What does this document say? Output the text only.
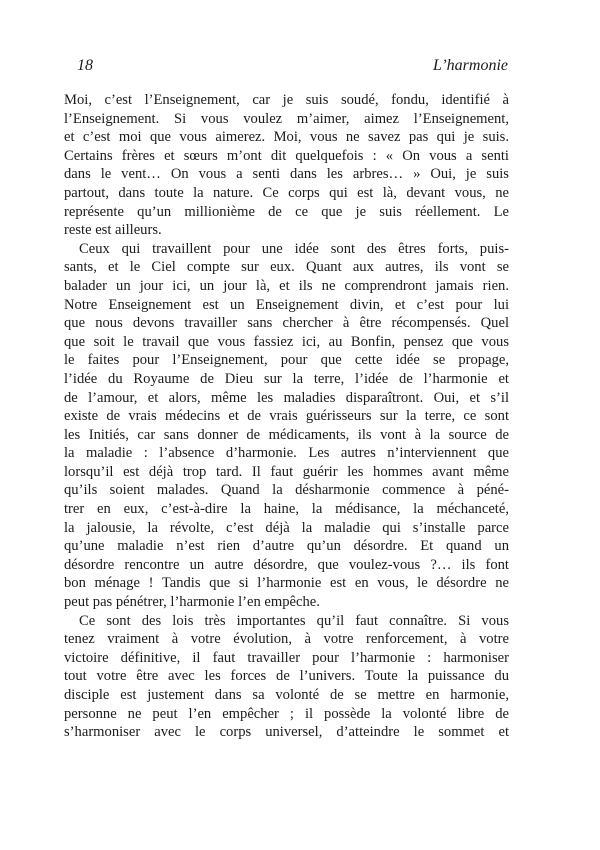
18	L’harmonie
Moi, c’est l’Enseignement, car je suis soudé, fondu, identifié à
l’Enseignement. Si vous voulez m’aimer, aimez l’Enseignement,
et c’est moi que vous aimerez. Moi, vous ne savez pas qui je suis.
Certains frères et sœurs m’ont dit quelquefois : « On vous a senti
dans le vent… On vous a senti dans les arbres… » Oui, je suis
partout, dans toute la nature. Ce corps qui est là, devant vous, ne
représente qu’un millionième de ce que je suis réellement. Le
reste est ailleurs.
Ceux qui travaillent pour une idée sont des êtres forts, puis-
sants, et le Ciel compte sur eux. Quant aux autres, ils vont se
balader un jour ici, un jour là, et ils ne comprendront jamais rien.
Notre Enseignement est un Enseignement divin, et c’est pour lui
que nous devons travailler sans chercher à être récompensés. Quel
que soit le travail que vous fassiez ici, au Bonfin, pensez que vous
le faites pour l’Enseignement, pour que cette idée se propage,
l’idée du Royaume de Dieu sur la terre, l’idée de l’harmonie et
de l’amour, et alors, même les maladies disparaîtront. Oui, et s’il
existe de vrais médecins et de vrais guérisseurs sur la terre, ce sont
les Initiés, car sans donner de médicaments, ils vont à la source de
la maladie : l’absence d’harmonie. Les autres n’interviennent que
lorsqu’il est déjà trop tard. Il faut guérir les hommes avant même
qu’ils soient malades. Quand la désharmonie commence à péné-
trer en eux, c’est-à-dire la haine, la médisance, la méchanceté,
la jalousie, la révolte, c’est déjà la maladie qui s’installe parce
qu’une maladie n’est rien d’autre qu’un désordre. Et quand un
désordre rencontre un autre désordre, que voulez-vous ?… ils font
bon ménage ! Tandis que si l’harmonie est en vous, le désordre ne
peut pas pénétrer, l’harmonie l’en empêche.
Ce sont des lois très importantes qu’il faut connaître. Si vous
tenez vraiment à votre évolution, à votre renforcement, à votre
victoire définitive, il faut travailler pour l’harmonie : harmoniser
tout votre être avec les forces de l’univers. Toute la puissance du
disciple est justement dans sa volonté de se mettre en harmonie,
personne ne peut l’en empêcher ; il possède la volonté libre de
s’harmoniser avec le corps universel, d’atteindre le sommet et
